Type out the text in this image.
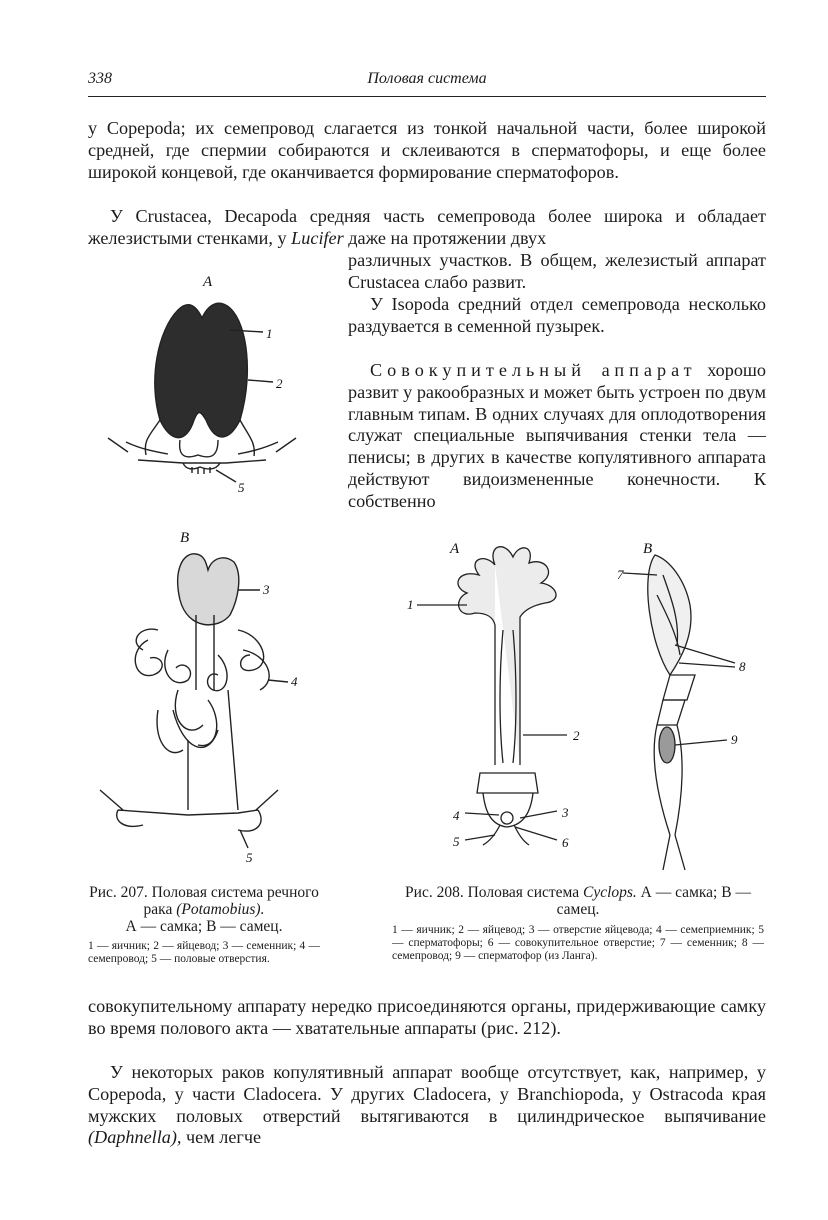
338	Половая система

у Copepoda; их семепровод слагается из тонкой начальной части, более широкой средней, где спермии собираются и склеиваются в сперматофоры, и еще более широкой концевой, где оканчивается формирование сперматофоров.

У Crustacea, Decapoda средняя часть семепровода более широка и обладает железистыми стенками, у Lucifer даже на протяжении двух

различных участков. В общем, железистый аппарат Crustacea слабо развит.

У Isopoda средний отдел семепровода несколько раздувается в семенной пузырек.

Совокупительный аппарат хорошо развит у ракообразных и может быть устроен по двум главным типам. В одних случаях для оплодотворения служат специальные выпячивания стенки тела — пенисы; в других в качестве копулятивного аппарата действуют видоизмененные конечности. К собственно

А
1
2
5
В
3
4
5
А
1
2
4
5
3
6
В
7
8
9

Рис. 207. Половая система речного рака (Potamobius).
А — самка; В — самец.

1 — яичник; 2 — яйцевод; 3 — семенник; 4 — семепровод; 5 — половые отверстия.

Рис. 208. Половая система Cyclops. А — самка; В — самец.

1 — яичник; 2 — яйцевод; 3 — отверстие яйцевода; 4 — семеприемник; 5 — сперматофоры; 6 — совокупительное отверстие; 7 — семенник; 8 — семепровод; 9 — сперматофор (из Ланга).

совокупительному аппарату нередко присоединяются органы, придерживающие самку во время полового акта — хватательные аппараты (рис. 212).

У некоторых раков копулятивный аппарат вообще отсутствует, как, например, у Copepoda, у части Cladocera. У других Cladocera, у Branchiopoda, у Ostracoda края мужских половых отверстий вытягиваются в цилиндрическое выпячивание (Daphnella), чем легче
